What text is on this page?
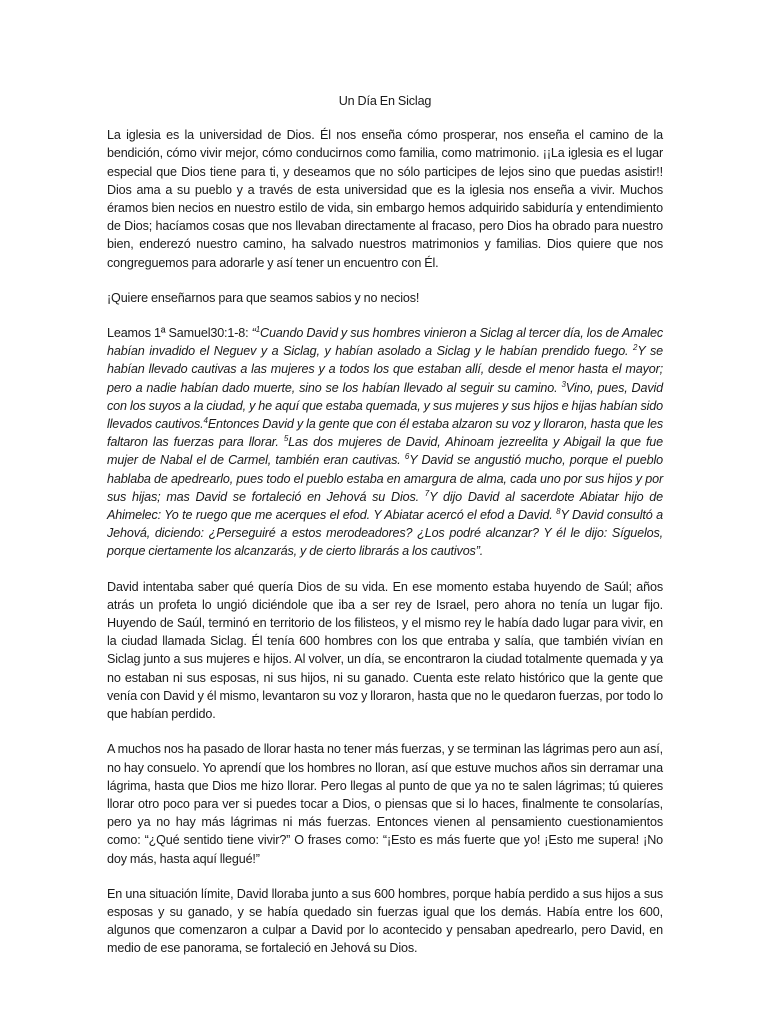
Un Día En Siclag

La iglesia es la universidad de Dios. Él nos enseña cómo prosperar, nos enseña el camino de la bendición, cómo vivir mejor, cómo conducirnos como familia, como matrimonio. ¡¡La iglesia es el lugar especial que Dios tiene para ti, y deseamos que no sólo participes de lejos sino que puedas asistir!! Dios ama a su pueblo y a través de esta universidad que es la iglesia nos enseña a vivir. Muchos éramos bien necios en nuestro estilo de vida, sin embargo hemos adquirido sabiduría y entendimiento de Dios; hacíamos cosas que nos llevaban directamente al fracaso, pero Dios ha obrado para nuestro bien, enderezó nuestro camino, ha salvado nuestros matrimonios y familias. Dios quiere que nos congreguemos para adorarle y así tener un encuentro con Él.

¡Quiere enseñarnos para que seamos sabios y no necios!

Leamos 1ª Samuel30:1-8: “$^1$Cuando David y sus hombres vinieron a Siclag al tercer día, los de Amalec habían invadido el Neguev y a Siclag, y habían asolado a Siclag y le habían prendido fuego. $^2$Y se habían llevado cautivas a las mujeres y a todos los que estaban allí, desde el menor hasta el mayor; pero a nadie habían dado muerte, sino se los habían llevado al seguir su camino. $^3$Vino, pues, David con los suyos a la ciudad, y he aquí que estaba quemada, y sus mujeres y sus hijos e hijas habían sido llevados cautivos.$^4$Entonces David y la gente que con él estaba alzaron su voz y lloraron, hasta que les faltaron las fuerzas para llorar. $^5$Las dos mujeres de David, Ahinoam jezreelita y Abigail la que fue mujer de Nabal el de Carmel, también eran cautivas. $^6$Y David se angustió mucho, porque el pueblo hablaba de apedrearlo, pues todo el pueblo estaba en amargura de alma, cada uno por sus hijos y por sus hijas; mas David se fortaleció en Jehová su Dios. $^7$Y dijo David al sacerdote Abiatar hijo de Ahimelec: Yo te ruego que me acerques el efod. Y Abiatar acercó el efod a David. $^8$Y David consultó a Jehová, diciendo: ¿Perseguiré a estos merodeadores? ¿Los podré alcanzar? Y él le dijo: Síguelos, porque ciertamente los alcanzarás, y de cierto librarás a los cautivos”.

David intentaba saber qué quería Dios de su vida. En ese momento estaba huyendo de Saúl; años atrás un profeta lo ungió diciéndole que iba a ser rey de Israel, pero ahora no tenía un lugar fijo. Huyendo de Saúl, terminó en territorio de los filisteos, y el mismo rey le había dado lugar para vivir, en la ciudad llamada Siclag. Él tenía 600 hombres con los que entraba y salía, que también vivían en Siclag junto a sus mujeres e hijos. Al volver, un día, se encontraron la ciudad totalmente quemada y ya no estaban ni sus esposas, ni sus hijos, ni su ganado. Cuenta este relato histórico que la gente que venía con David y él mismo, levantaron su voz y lloraron, hasta que no le quedaron fuerzas, por todo lo que habían perdido.

A muchos nos ha pasado de llorar hasta no tener más fuerzas, y se terminan las lágrimas pero aun así, no hay consuelo. Yo aprendí que los hombres no lloran, así que estuve muchos años sin derramar una lágrima, hasta que Dios me hizo llorar. Pero llegas al punto de que ya no te salen lágrimas; tú quieres llorar otro poco para ver si puedes tocar a Dios, o piensas que si lo haces, finalmente te consolarías, pero ya no hay más lágrimas ni más fuerzas. Entonces vienen al pensamiento cuestionamientos como: “¿Qué sentido tiene vivir?” O frases como: “¡Esto es más fuerte que yo! ¡Esto me supera! ¡No doy más, hasta aquí llegué!”

En una situación límite, David lloraba junto a sus 600 hombres, porque había perdido a sus hijos a sus esposas y su ganado, y se había quedado sin fuerzas igual que los demás. Había entre los 600, algunos que comenzaron a culpar a David por lo acontecido y pensaban apedrearlo, pero David, en medio de ese panorama, se fortaleció en Jehová su Dios.
